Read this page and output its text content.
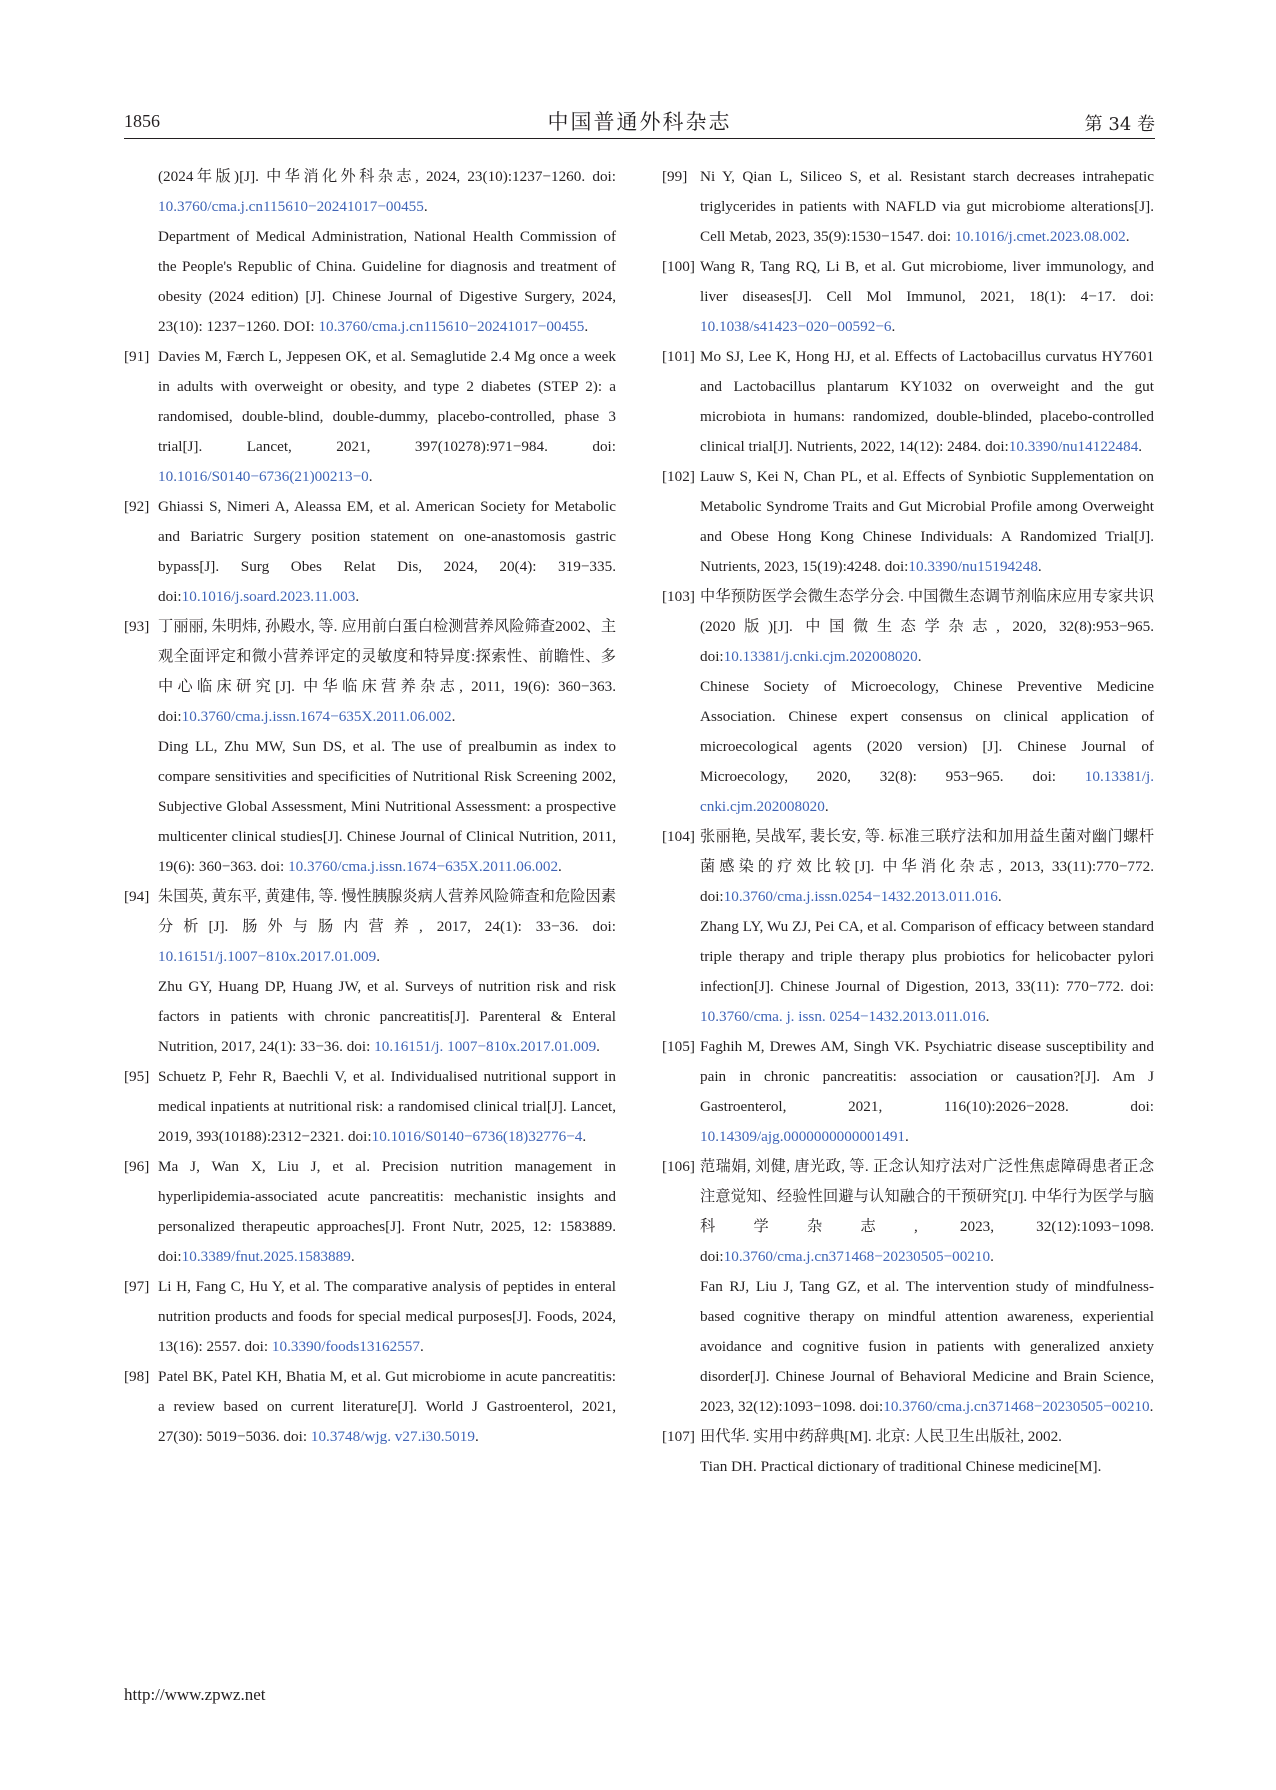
1856	中国普通外科杂志	第 34 卷
(2024年版)[J]. 中华消化外科杂志, 2024, 23(10):1237−1260. doi: 10.3760/cma.j.cn115610−20241017−00455.
Department of Medical Administration, National Health Commission of the People's Republic of China. Guideline for diagnosis and treatment of obesity (2024 edition) [J]. Chinese Journal of Digestive Surgery, 2024, 23(10): 1237−1260. DOI: 10.3760/cma.j.cn115610−20241017−00455.
[91] Davies M, Færch L, Jeppesen OK, et al. Semaglutide 2.4 Mg once a week in adults with overweight or obesity, and type 2 diabetes (STEP 2): a randomised, double-blind, double-dummy, placebo-controlled, phase 3 trial[J]. Lancet, 2021, 397(10278):971−984. doi: 10.1016/S0140−6736(21)00213−0.
[92] Ghiassi S, Nimeri A, Aleassa EM, et al. American Society for Metabolic and Bariatric Surgery position statement on one-anastomosis gastric bypass[J]. Surg Obes Relat Dis, 2024, 20(4): 319−335. doi:10.1016/j.soard.2023.11.003.
[93] 丁丽丽, 朱明炜, 孙殿水, 等. 应用前白蛋白检测营养风险筛查2002、主观全面评定和微小营养评定的灵敏度和特异度:探索性、前瞻性、多中心临床研究[J]. 中华临床营养杂志, 2011, 19(6): 360−363. doi:10.3760/cma.j.issn.1674−635X.2011.06.002.
Ding LL, Zhu MW, Sun DS, et al. The use of prealbumin as index to compare sensitivities and specificities of Nutritional Risk Screening 2002, Subjective Global Assessment, Mini Nutritional Assessment: a prospective multicenter clinical studies[J]. Chinese Journal of Clinical Nutrition, 2011, 19(6): 360−363. doi: 10.3760/cma.j.issn.1674−635X.2011.06.002.
[94] 朱国英, 黄东平, 黄建伟, 等. 慢性胰腺炎病人营养风险筛查和危险因素分析[J]. 肠外与肠内营养, 2017, 24(1): 33−36. doi: 10.16151/j.1007−810x.2017.01.009.
Zhu GY, Huang DP, Huang JW, et al. Surveys of nutrition risk and risk factors in patients with chronic pancreatitis[J]. Parenteral & Enteral Nutrition, 2017, 24(1): 33−36. doi: 10.16151/j. 1007−810x.2017.01.009.
[95] Schuetz P, Fehr R, Baechli V, et al. Individualised nutritional support in medical inpatients at nutritional risk: a randomised clinical trial[J]. Lancet, 2019, 393(10188):2312−2321. doi:10.1016/S0140−6736(18)32776−4.
[96] Ma J, Wan X, Liu J, et al. Precision nutrition management in hyperlipidemia-associated acute pancreatitis: mechanistic insights and personalized therapeutic approaches[J]. Front Nutr, 2025, 12: 1583889. doi:10.3389/fnut.2025.1583889.
[97] Li H, Fang C, Hu Y, et al. The comparative analysis of peptides in enteral nutrition products and foods for special medical purposes[J]. Foods, 2024, 13(16): 2557. doi: 10.3390/foods13162557.
[98] Patel BK, Patel KH, Bhatia M, et al. Gut microbiome in acute pancreatitis: a review based on current literature[J]. World J Gastroenterol, 2021, 27(30): 5019−5036. doi: 10.3748/wjg. v27.i30.5019.
[99] Ni Y, Qian L, Siliceo S, et al. Resistant starch decreases intrahepatic triglycerides in patients with NAFLD via gut microbiome alterations[J]. Cell Metab, 2023, 35(9):1530−1547. doi: 10.1016/j.cmet.2023.08.002.
[100] Wang R, Tang RQ, Li B, et al. Gut microbiome, liver immunology, and liver diseases[J]. Cell Mol Immunol, 2021, 18(1): 4−17. doi: 10.1038/s41423−020−00592−6.
[101] Mo SJ, Lee K, Hong HJ, et al. Effects of Lactobacillus curvatus HY7601 and Lactobacillus plantarum KY1032 on overweight and the gut microbiota in humans: randomized, double-blinded, placebo-controlled clinical trial[J]. Nutrients, 2022, 14(12): 2484. doi:10.3390/nu14122484.
[102] Lauw S, Kei N, Chan PL, et al. Effects of Synbiotic Supplementation on Metabolic Syndrome Traits and Gut Microbial Profile among Overweight and Obese Hong Kong Chinese Individuals: A Randomized Trial[J]. Nutrients, 2023, 15(19):4248. doi:10.3390/nu15194248.
[103] 中华预防医学会微生态学分会. 中国微生态调节剂临床应用专家共识(2020版)[J]. 中国微生态学杂志, 2020, 32(8):953−965. doi:10.13381/j.cnki.cjm.202008020.
Chinese Society of Microecology, Chinese Preventive Medicine Association. Chinese expert consensus on clinical application of microecological agents (2020 version) [J]. Chinese Journal of Microecology, 2020, 32(8): 953−965. doi: 10.13381/j. cnki.cjm.202008020.
[104] 张丽艳, 吴战军, 裴长安, 等. 标准三联疗法和加用益生菌对幽门螺杆菌感染的疗效比较[J]. 中华消化杂志, 2013, 33(11):770−772. doi:10.3760/cma.j.issn.0254−1432.2013.011.016.
Zhang LY, Wu ZJ, Pei CA, et al. Comparison of efficacy between standard triple therapy and triple therapy plus probiotics for helicobacter pylori infection[J]. Chinese Journal of Digestion, 2013, 33(11): 770−772. doi: 10.3760/cma. j. issn. 0254−1432.2013.011.016.
[105] Faghih M, Drewes AM, Singh VK. Psychiatric disease susceptibility and pain in chronic pancreatitis: association or causation?[J]. Am J Gastroenterol, 2021, 116(10):2026−2028. doi: 10.14309/ajg.0000000000001491.
[106] 范瑞娟, 刘健, 唐光政, 等. 正念认知疗法对广泛性焦虑障碍患者正念注意觉知、经验性回避与认知融合的干预研究[J]. 中华行为医学与脑科学杂志, 2023, 32(12):1093−1098. doi:10.3760/cma.j.cn371468−20230505−00210.
Fan RJ, Liu J, Tang GZ, et al. The intervention study of mindfulness-based cognitive therapy on mindful attention awareness, experiential avoidance and cognitive fusion in patients with generalized anxiety disorder[J]. Chinese Journal of Behavioral Medicine and Brain Science, 2023, 32(12):1093−1098. doi:10.3760/cma.j.cn371468−20230505−00210.
[107] 田代华. 实用中药辞典[M]. 北京: 人民卫生出版社, 2002.
Tian DH. Practical dictionary of traditional Chinese medicine[M].
http://www.zpwz.net
